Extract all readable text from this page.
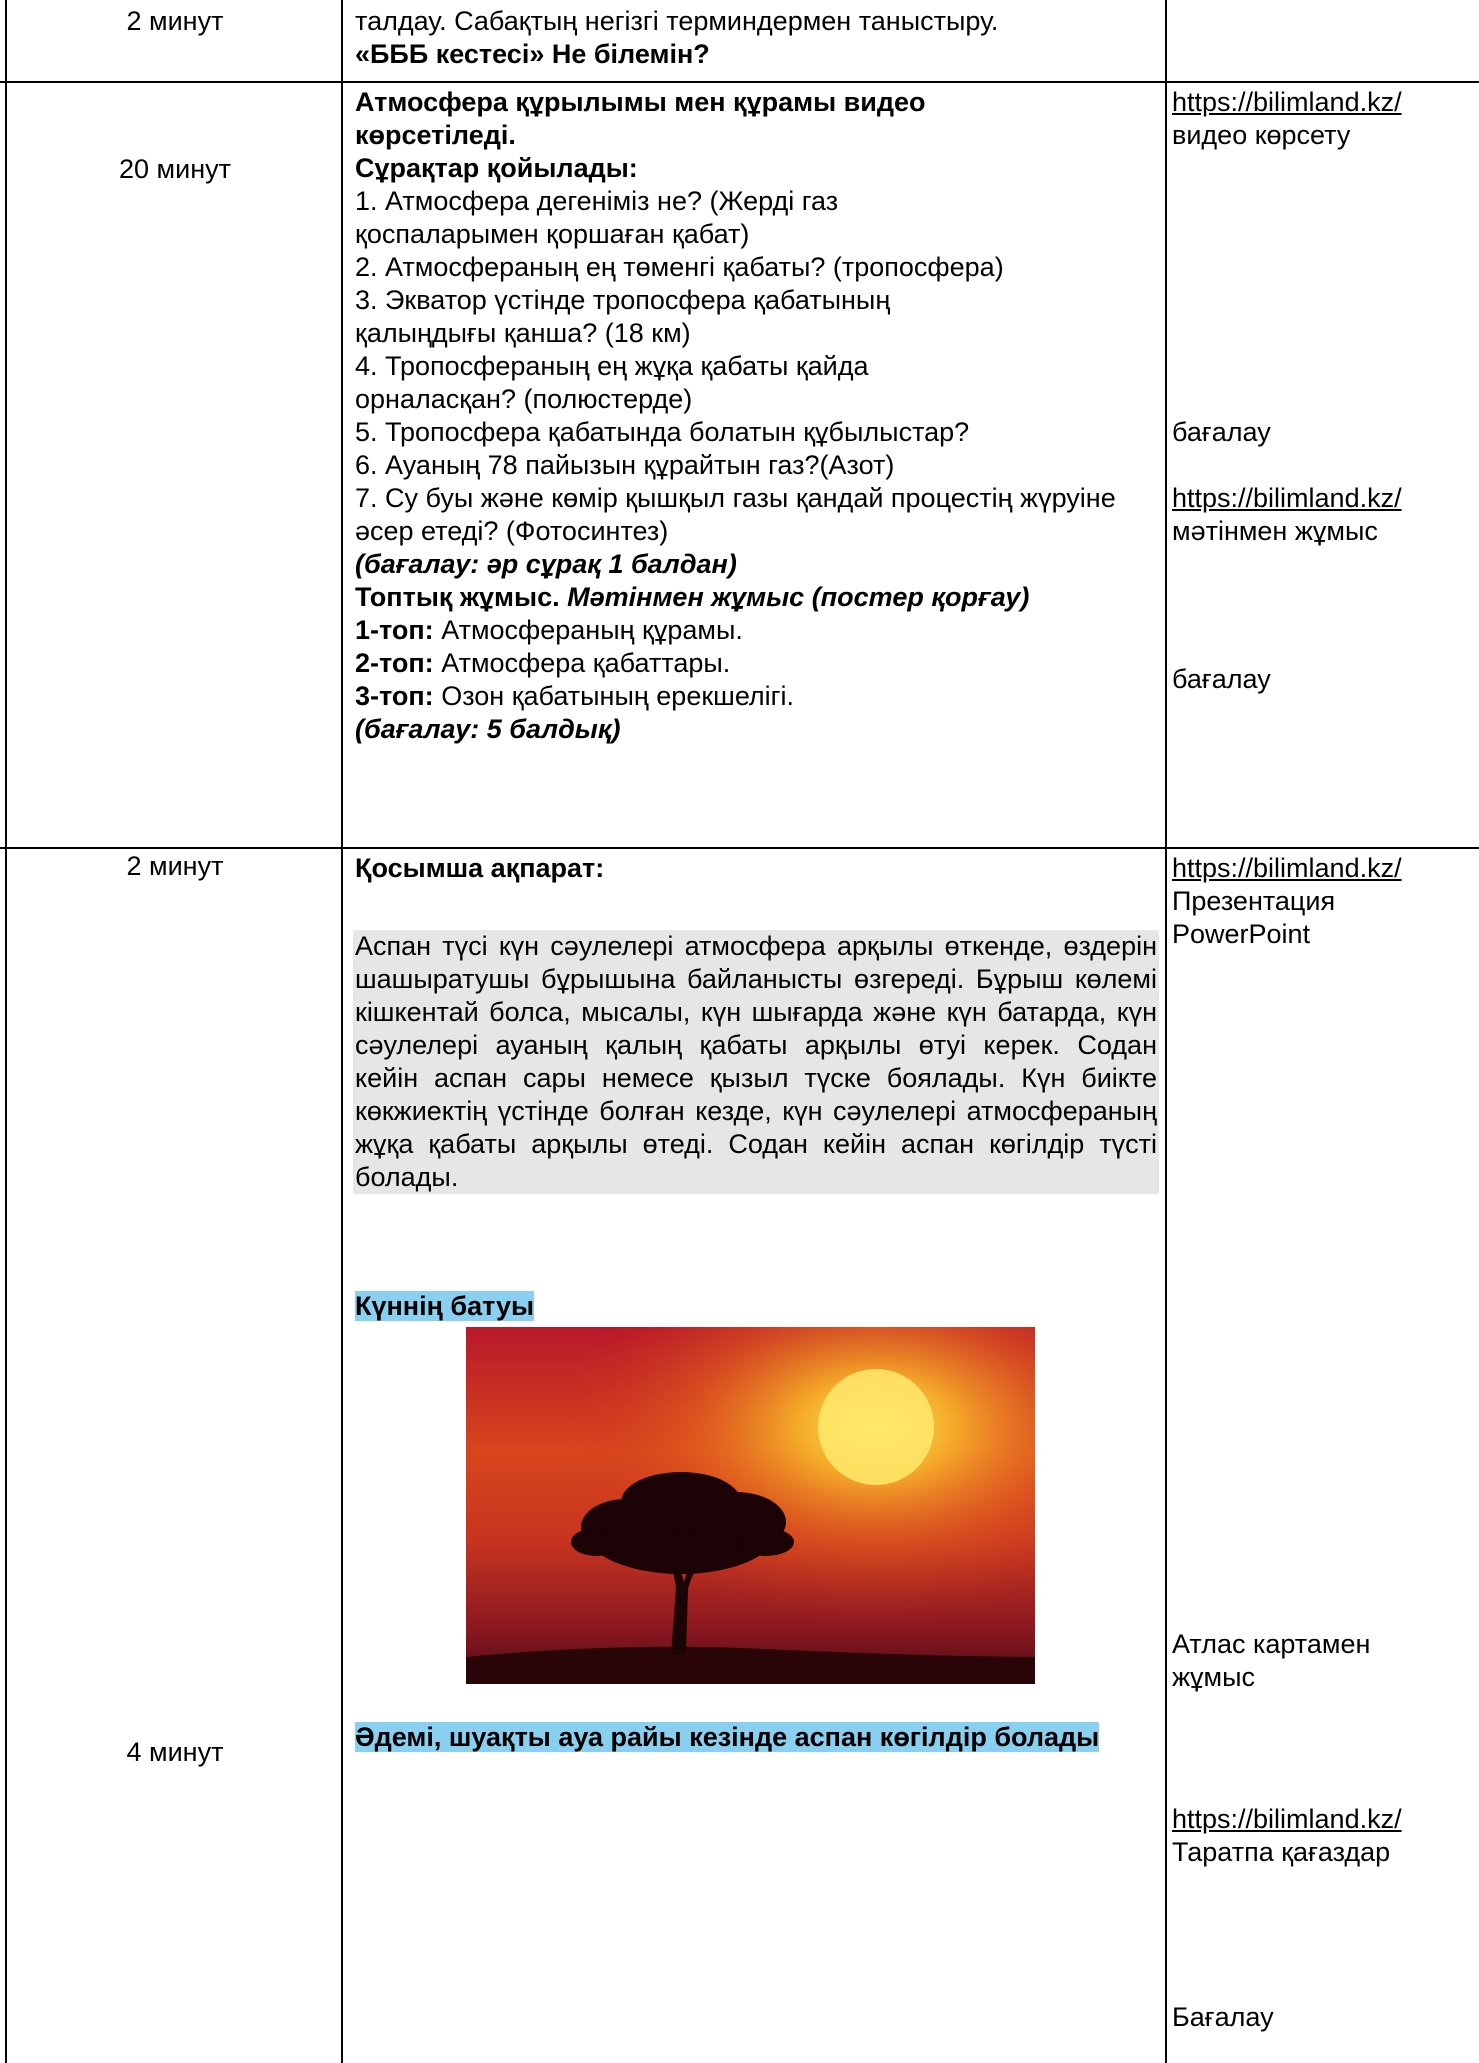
2 минут	талдау. Сабақтың негізгі терминдермен таныстыру.
«БББ кестесі» Не білемін?
20 минут
Атмосфера құрылымы мен құрамы видео көрсетіледі.
Сұрақтар қойылады:
1. Атмосфера дегеніміз не? (Жерді газ қоспаларымен қоршаған қабат)
2. Атмосфераның ең төменгі қабаты? (тропосфера)
3. Экватор үстінде тропосфера қабатының қалыңдығы қанша? (18 км)
4. Тропосфераның ең жұқа қабаты қайда орналасқан? (полюстерде)
5. Тропосфера қабатында болатын құбылыстар?
6. Ауаның 78 пайызын құрайтын газ?(Азот)
7. Су буы және көмір қышқыл газы қандай процестің жүруіне әсер етеді? (Фотосинтез)
(бағалау: әр сұрақ 1 балдан)
Топтық жұмыс. Мәтінмен жұмыс (постер қорғау)
1-топ: Атмосфераның құрамы.
2-топ: Атмосфера қабаттары.
3-топ: Озон қабатының ерекшелігі.
(бағалау: 5 балдық)
https://bilimland.kz/
видео көрсету
бағалау
https://bilimland.kz/
мәтінмен жұмыс
бағалау
2 минут
4 минут
Қосымша ақпарат:
Аспан түсі күн сәулелері атмосфера арқылы өткенде, өздерін шашыратушы бұрышына байланысты өзгереді. Бұрыш көлемі кішкентай болса, мысалы, күн шығарда және күн батарда, күн сәулелері ауаның қалың қабаты арқылы өтуі керек. Содан кейін аспан сары немесе қызыл түске боялады. Күн биікте көкжиектің үстінде болған кезде, күн сәулелері атмосфераның жұқа қабаты арқылы өтеді. Содан кейін аспан көгілдір түсті болады.
Күннің батуы
Әдемі, шуақты ауа райы кезінде аспан көгілдір болады
https://bilimland.kz/
Презентация
PowerPoint
Атлас картамен жұмыс
https://bilimland.kz/
Таратпа қағаздар
Бағалау
